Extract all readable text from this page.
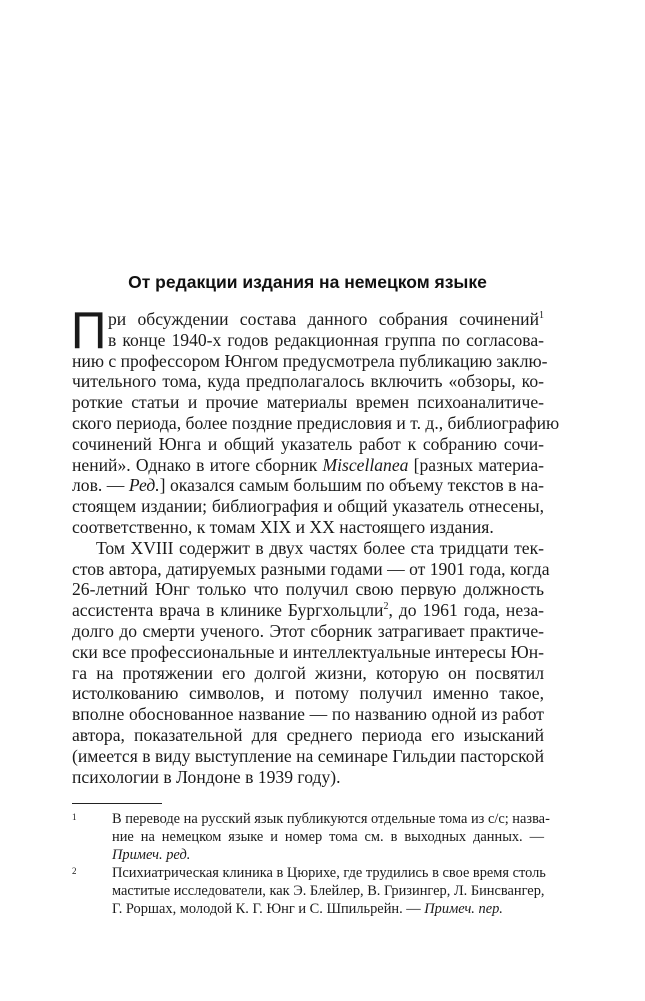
От редакции издания на немецком языке
П ри обсуждении состава данного собрания сочинений$^1$
в конце 1940-х годов редакционная группа по согласова-
нию с профессором Юнгом предусмотрела публикацию заклю-
чительного тома, куда предполагалось включить «обзоры, ко-
роткие статьи и прочие материалы времен психоаналитиче-
ского периода, более поздние предисловия и т. д., библиографию
сочинений Юнга и общий указатель работ к собранию сочи-
нений». Однако в итоге сборник Miscellanea [разных материа-
лов. — Ред.] оказался самым большим по объему текстов в на-
стоящем издании; библиография и общий указатель отнесены,
соответственно, к томам XIX и XX настоящего издания.
Том XVIII содержит в двух частях более ста тридцати тек-
стов автора, датируемых разными годами — от 1901 года, когда
26-летний Юнг только что получил свою первую должность
ассистента врача в клинике Бургхольцли$^2$, до 1961 года, неза-
долго до смерти ученого. Этот сборник затрагивает практиче-
ски все профессиональные и интеллектуальные интересы Юн-
га на протяжении его долгой жизни, которую он посвятил
истолкованию символов, и потому получил именно такое,
вполне обоснованное название — по названию одной из работ
автора, показательной для среднего периода его изысканий
(имеется в виду выступление на семинаре Гильдии пасторской
психологии в Лондоне в 1939 году).
1 В переводе на русский язык публикуются отдельные тома из с/с; назва-
ние на немецком языке и номер тома см. в выходных данных. —
Примеч. ред.
2 Психиатрическая клиника в Цюрихе, где трудились в свое время столь
маститые исследователи, как Э. Блейлер, В. Гризингер, Л. Бинсвангер,
Г. Роршах, молодой К. Г. Юнг и С. Шпильрейн. — Примеч. пер.
